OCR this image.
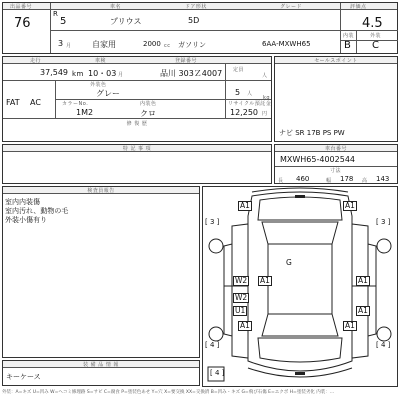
出品番号	車名	ドア形状	グレード	評価点
76
R
5	プリウス	5D	4.5
3 月	自家用	2000 cc ガソリン	6AA-MXWH65
内装	外装
B C
走行	車検	登録番号
定員
37,549 km 10・03 月	品川 303Ｚ4007	人
FAT AC
外装色
グレー	5 人
kg
カラーNo.	内装色	リサイクル預託金
1M2	クロ	12,250 円
修 復 歴
セールスポイント
ナビ SR 17B PS PW
特 記 事 項	車台番号
MXWH65-4002544
寸法
長 460	幅 178 高 143
検査員報告
室内内装傷
室内汚れ、動物の毛
外装小傷有り
装 備 品 情 報
キーケース
A1	A1
G
W2 A1	A1
W2
U1	A1
A1	A1
[ 3 ]	[ 3 ]
[ 4 ]	[ 4 ]
[ 4 ]
外装：A=キズ U=凹み W=ヘコミ修理跡 S=サビ C=腐食 P=塗装色あせ Y=穴 X=要交換 XX=交換済 B=凹み・キズ G=飛び石傷 E=エクボ H=塗装劣化 内装：...
